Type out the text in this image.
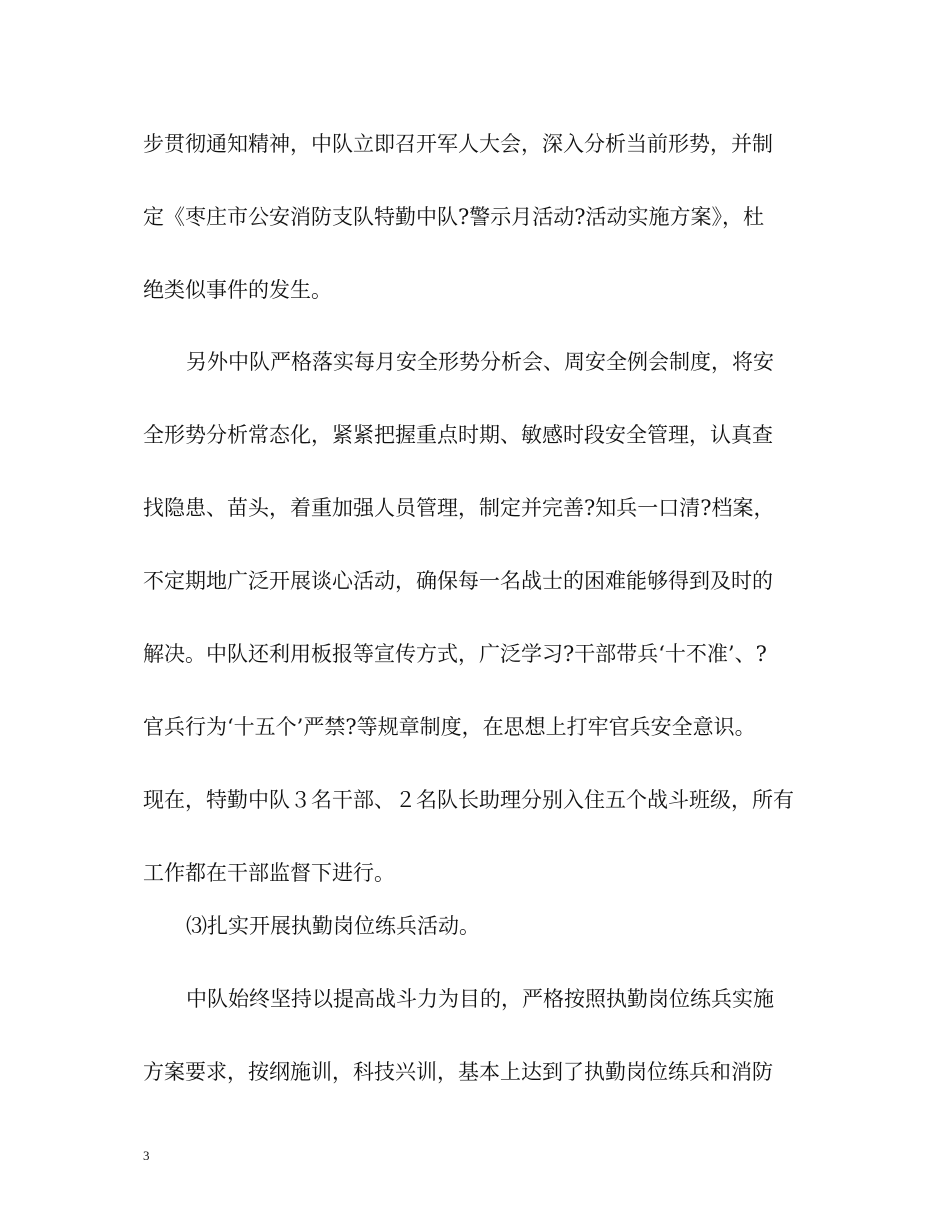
步贯彻通知精神，中队立即召开军人大会，深入分析当前形势，并制
定《枣庄市公安消防支队特勤中队?警示月活动?活动实施方案》，杜
绝类似事件的发生。
另外中队严格落实每月安全形势分析会、周安全例会制度，将安
全形势分析常态化，紧紧把握重点时期、敏感时段安全管理，认真查
找隐患、苗头，着重加强人员管理，制定并完善?知兵一口清?档案，
不定期地广泛开展谈心活动，确保每一名战士的困难能够得到及时的
解决。中队还利用板报等宣传方式，广泛学习?干部带兵‘十不准’、?
官兵行为‘十五个’严禁?等规章制度，在思想上打牢官兵安全意识。
现在，特勤中队３名干部、２名队长助理分别入住五个战斗班级，所有
工作都在干部监督下进行。
⑶扎实开展执勤岗位练兵活动。
中队始终坚持以提高战斗力为目的，严格按照执勤岗位练兵实施
方案要求，按纲施训，科技兴训，基本上达到了执勤岗位练兵和消防
3
